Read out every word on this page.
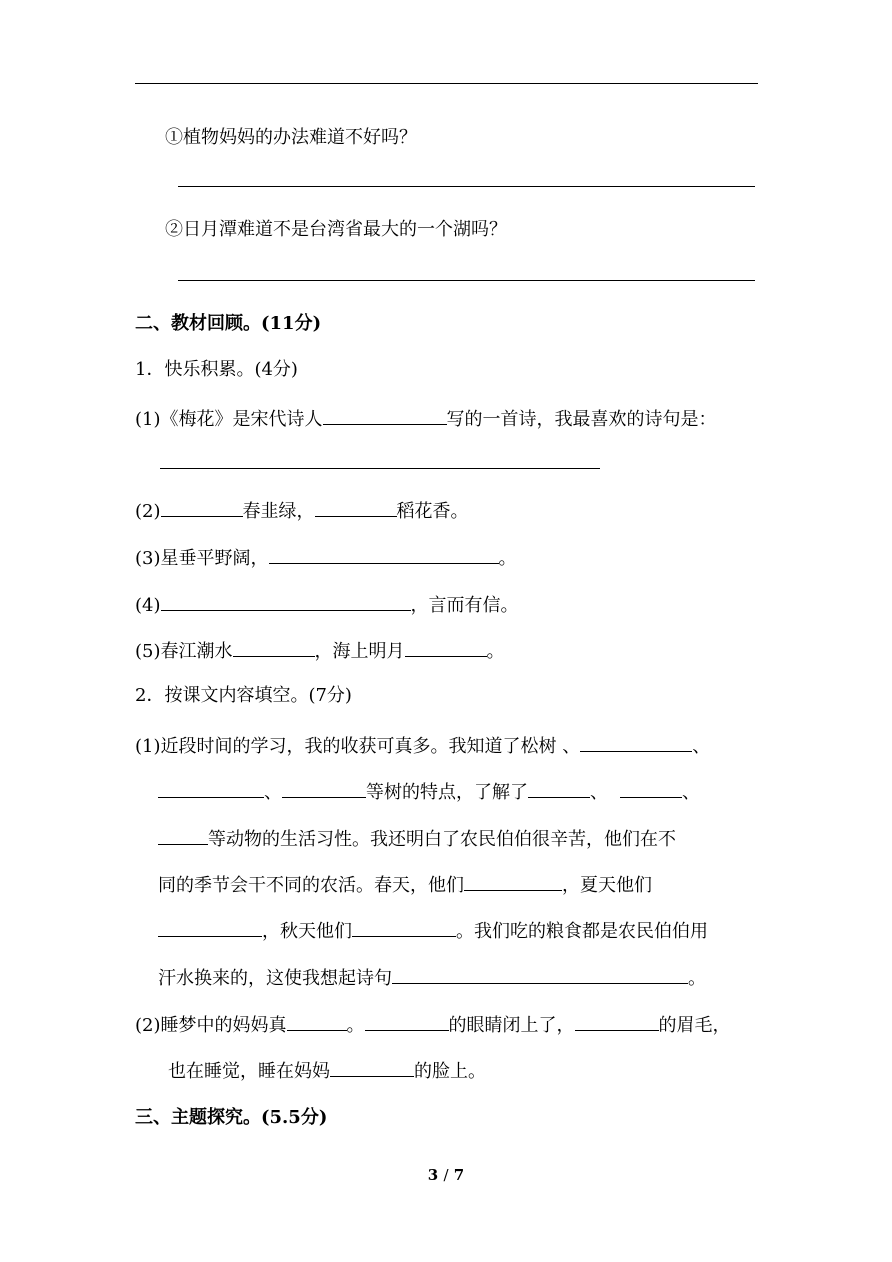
①植物妈妈的办法难道不好吗？
②日月潭难道不是台湾省最大的一个湖吗？
二、教材回顾。(11分)
1．快乐积累。(4分)
(1)《梅花》是宋代诗人	写的一首诗，我最喜欢的诗句是：
(2)	春韭绿，	稻花香。
(3)星垂平野阔，	。
(4)	，言而有信。
(5)春江潮水	，海上明月	。
2．按课文内容填空。(7分)
(1)近段时间的学习，我的收获可真多。我知道了松树 、	、
、	等树的特点，了解了	、	、
等动物的生活习性。我还明白了农民伯伯很辛苦，他们在不
同的季节会干不同的农活。春天，他们	，夏天他们
，秋天他们	。我们吃的粮食都是农民伯伯用
汗水换来的，这使我想起诗句	。
(2)睡梦中的妈妈真	。	的眼睛闭上了，	的眉毛，
也在睡觉，睡在妈妈	的脸上。
三、主题探究。(5.5分)
3 / 7
